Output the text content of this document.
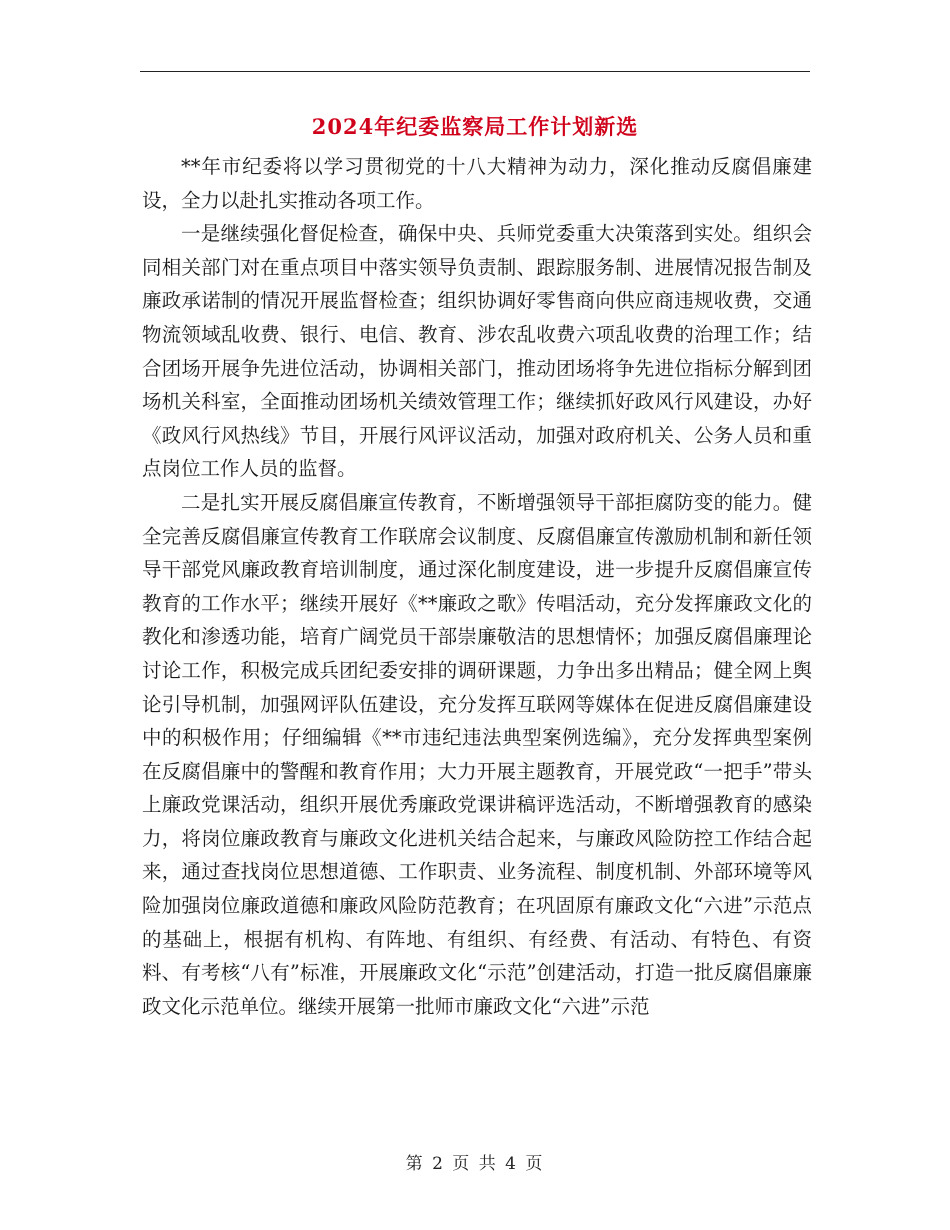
2024年纪委监察局工作计划新选

**年市纪委将以学习贯彻党的十八大精神为动力，深化推动反腐倡廉建设，全力以赴扎实推动各项工作。

一是继续强化督促检查，确保中央、兵师党委重大决策落到实处。组织会同相关部门对在重点项目中落实领导负责制、跟踪服务制、进展情况报告制及廉政承诺制的情况开展监督检查；组织协调好零售商向供应商违规收费，交通物流领域乱收费、银行、电信、教育、涉农乱收费六项乱收费的治理工作；结合团场开展争先进位活动，协调相关部门，推动团场将争先进位指标分解到团场机关科室，全面推动团场机关绩效管理工作；继续抓好政风行风建设，办好《政风行风热线》节目，开展行风评议活动，加强对政府机关、公务人员和重点岗位工作人员的监督。

二是扎实开展反腐倡廉宣传教育，不断增强领导干部拒腐防变的能力。健全完善反腐倡廉宣传教育工作联席会议制度、反腐倡廉宣传激励机制和新任领导干部党风廉政教育培训制度，通过深化制度建设，进一步提升反腐倡廉宣传教育的工作水平；继续开展好《**廉政之歌》传唱活动，充分发挥廉政文化的教化和渗透功能，培育广阔党员干部崇廉敬洁的思想情怀；加强反腐倡廉理论讨论工作，积极完成兵团纪委安排的调研课题，力争出多出精品；健全网上舆论引导机制，加强网评队伍建设，充分发挥互联网等媒体在促进反腐倡廉建设中的积极作用；仔细编辑《**市违纪违法典型案例选编》，充分发挥典型案例在反腐倡廉中的警醒和教育作用；大力开展主题教育，开展党政“一把手”带头上廉政党课活动，组织开展优秀廉政党课讲稿评选活动，不断增强教育的感染力，将岗位廉政教育与廉政文化进机关结合起来，与廉政风险防控工作结合起来，通过查找岗位思想道德、工作职责、业务流程、制度机制、外部环境等风险加强岗位廉政道德和廉政风险防范教育；在巩固原有廉政文化“六进”示范点的基础上，根据有机构、有阵地、有组织、有经费、有活动、有特色、有资料、有考核“八有”标准，开展廉政文化“示范”创建活动，打造一批反腐倡廉廉政文化示范单位。继续开展第一批师市廉政文化“六进”示范

第 2 页 共 4 页
